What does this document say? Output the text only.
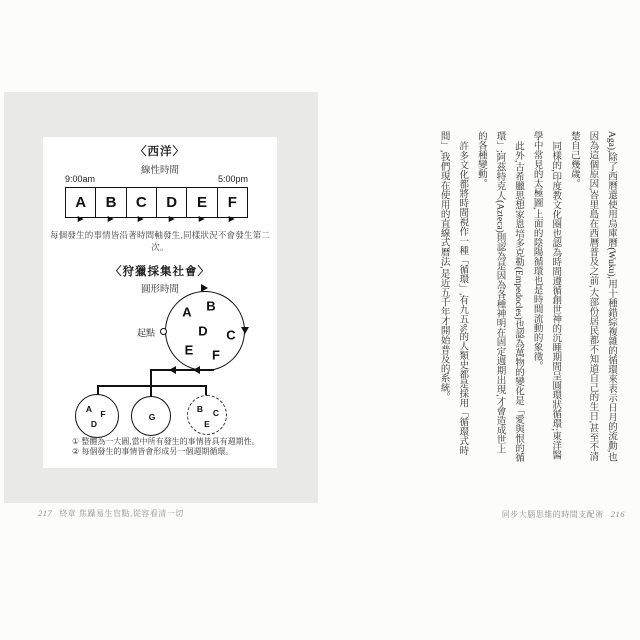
〈西洋〉
線性時間
9:00am	5:00pm
A B C D E F
每個發生的事情皆沿著時間軸發生,同樣狀況不會發生第二次。
〈狩獵採集社會〉
圓形時間
A B
C
D
E F
起點
A F
D
G
B C
E
① 整體為一大圓,當中所有發生的事情皆具有週期性。
② 每個發生的事情皆會形成另一個週期循環。	Aga),除了西曆還使用烏庫曆(Wuku),用十種錯綜複雜的循環來表示日月的流動,也因為這個原因,峇里島在西曆普及之前,大部份居民都不知道自己的生日,甚至不清楚自己幾歲。

同樣的,印度教文化圈也認為時間遵循創世神的沉睡期間呈圓環狀循環;東洋醫學中常見的太極圖,上面的陰陽循環也是時間流動的象徵。

此外,古希臘思想家恩培多克勒(Empedocles)也認為萬物的變化是「愛與恨的循環」;阿茲特克人(Azteca)則認為是因為各種神明在固定週期出現,才會造成世上的各種變動。

許多文化都將時間視作一種「循環」,有九五%的人類史都是採用「循環式時間」,我們現在使用的直線式曆法,是近五千年才開始普及的系統。

217 終章 焦躁易生盲點,從容看清一切	同步大腦思維的時間支配術 216
